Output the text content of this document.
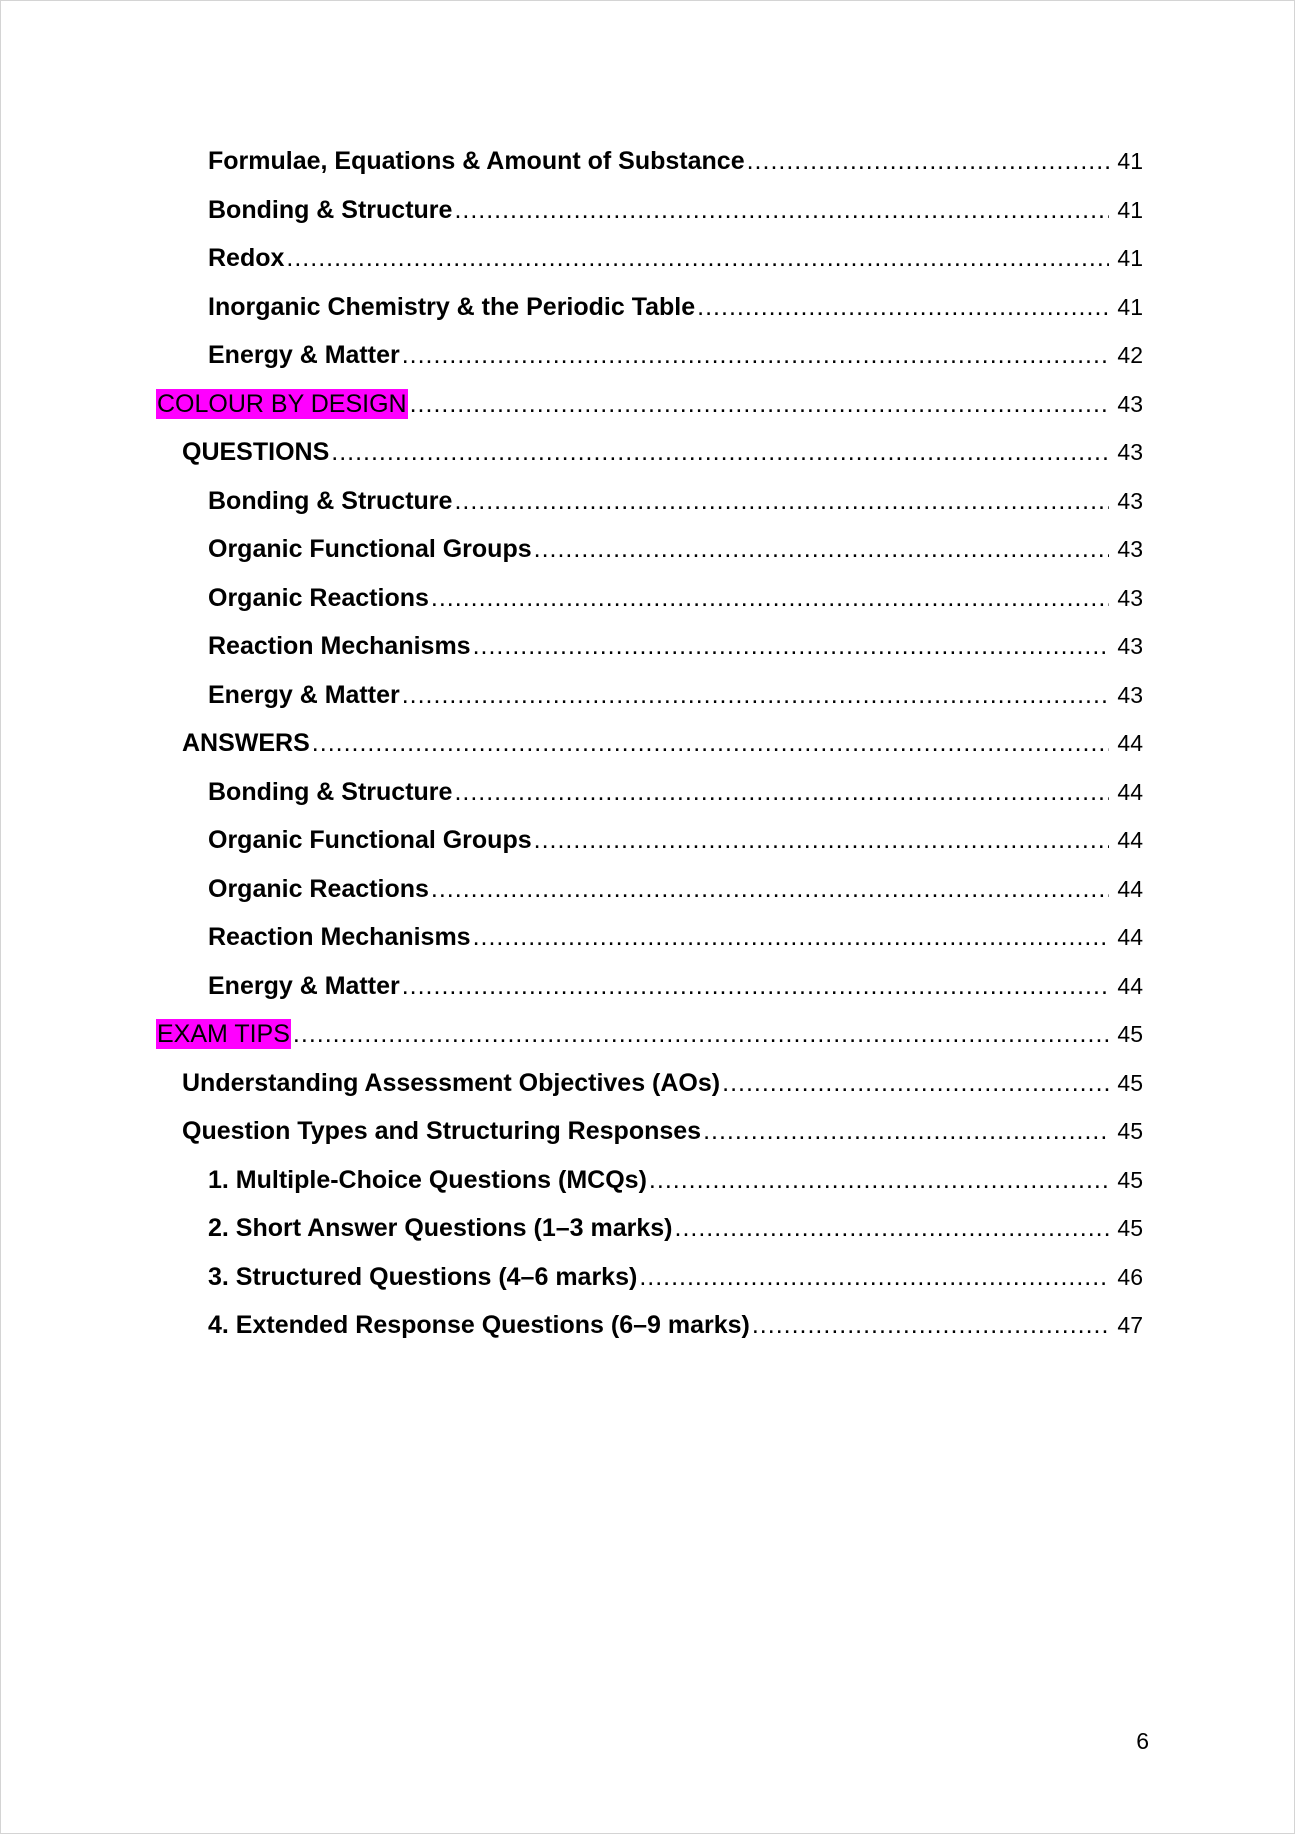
Formulae, Equations & Amount of Substance .....	41
Bonding & Structure .....	41
Redox .....	41
Inorganic Chemistry & the Periodic Table .....	41
Energy & Matter .....	42
COLOUR BY DESIGN .....	43
QUESTIONS .....	43
Bonding & Structure .....	43
Organic Functional Groups .....	43
Organic Reactions .....	43
Reaction Mechanisms .....	43
Energy & Matter .....	43
ANSWERS .....	44
Bonding & Structure .....	44
Organic Functional Groups .....	44
Organic Reactions .....	44
Reaction Mechanisms .....	44
Energy & Matter .....	44
EXAM TIPS .....	45
Understanding Assessment Objectives (AOs) .....	45
Question Types and Structuring Responses .....	45
1. Multiple-Choice Questions (MCQs) .....	45
2. Short Answer Questions (1–3 marks) .....	45
3. Structured Questions (4–6 marks) .....	46
4. Extended Response Questions (6–9 marks) .....	47
6
